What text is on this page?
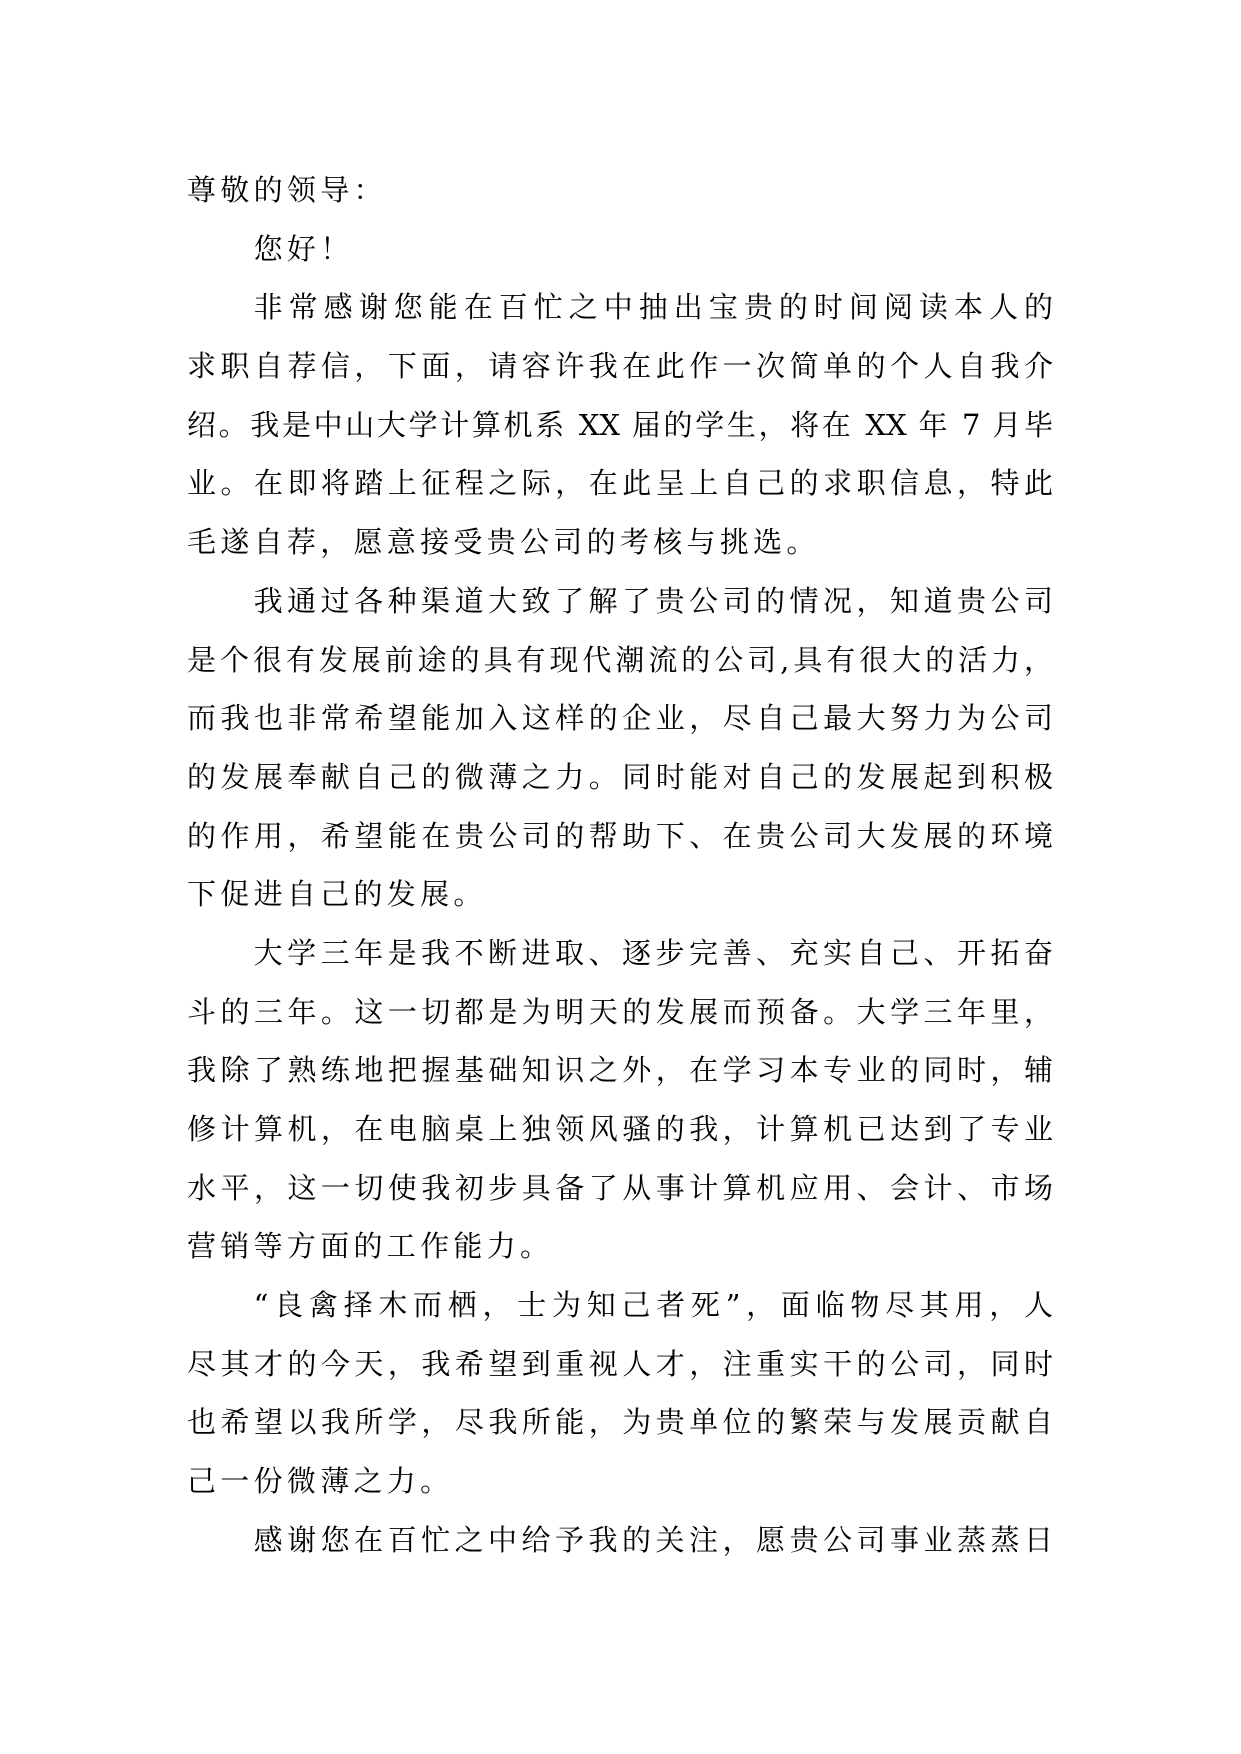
尊敬的领导：
您好！
非常感谢您能在百忙之中抽出宝贵的时间阅读本人的
求职自荐信，下面，请容许我在此作一次简单的个人自我介
绍。我是中山大学计算机系 XX 届的学生，将在 XX 年 7 月毕
业。在即将踏上征程之际，在此呈上自己的求职信息，特此
毛遂自荐，愿意接受贵公司的考核与挑选。
我通过各种渠道大致了解了贵公司的情况，知道贵公司
是个很有发展前途的具有现代潮流的公司,具有很大的活力，
而我也非常希望能加入这样的企业，尽自己最大努力为公司
的发展奉献自己的微薄之力。同时能对自己的发展起到积极
的作用，希望能在贵公司的帮助下、在贵公司大发展的环境
下促进自己的发展。
大学三年是我不断进取、逐步完善、充实自己、开拓奋
斗的三年。这一切都是为明天的发展而预备。大学三年里，
我除了熟练地把握基础知识之外，在学习本专业的同时，辅
修计算机，在电脑桌上独领风骚的我，计算机已达到了专业
水平，这一切使我初步具备了从事计算机应用、会计、市场
营销等方面的工作能力。
“良禽择木而栖，士为知己者死”，面临物尽其用，人
尽其才的今天，我希望到重视人才，注重实干的公司，同时
也希望以我所学，尽我所能，为贵单位的繁荣与发展贡献自
己一份微薄之力。
感谢您在百忙之中给予我的关注，愿贵公司事业蒸蒸日
